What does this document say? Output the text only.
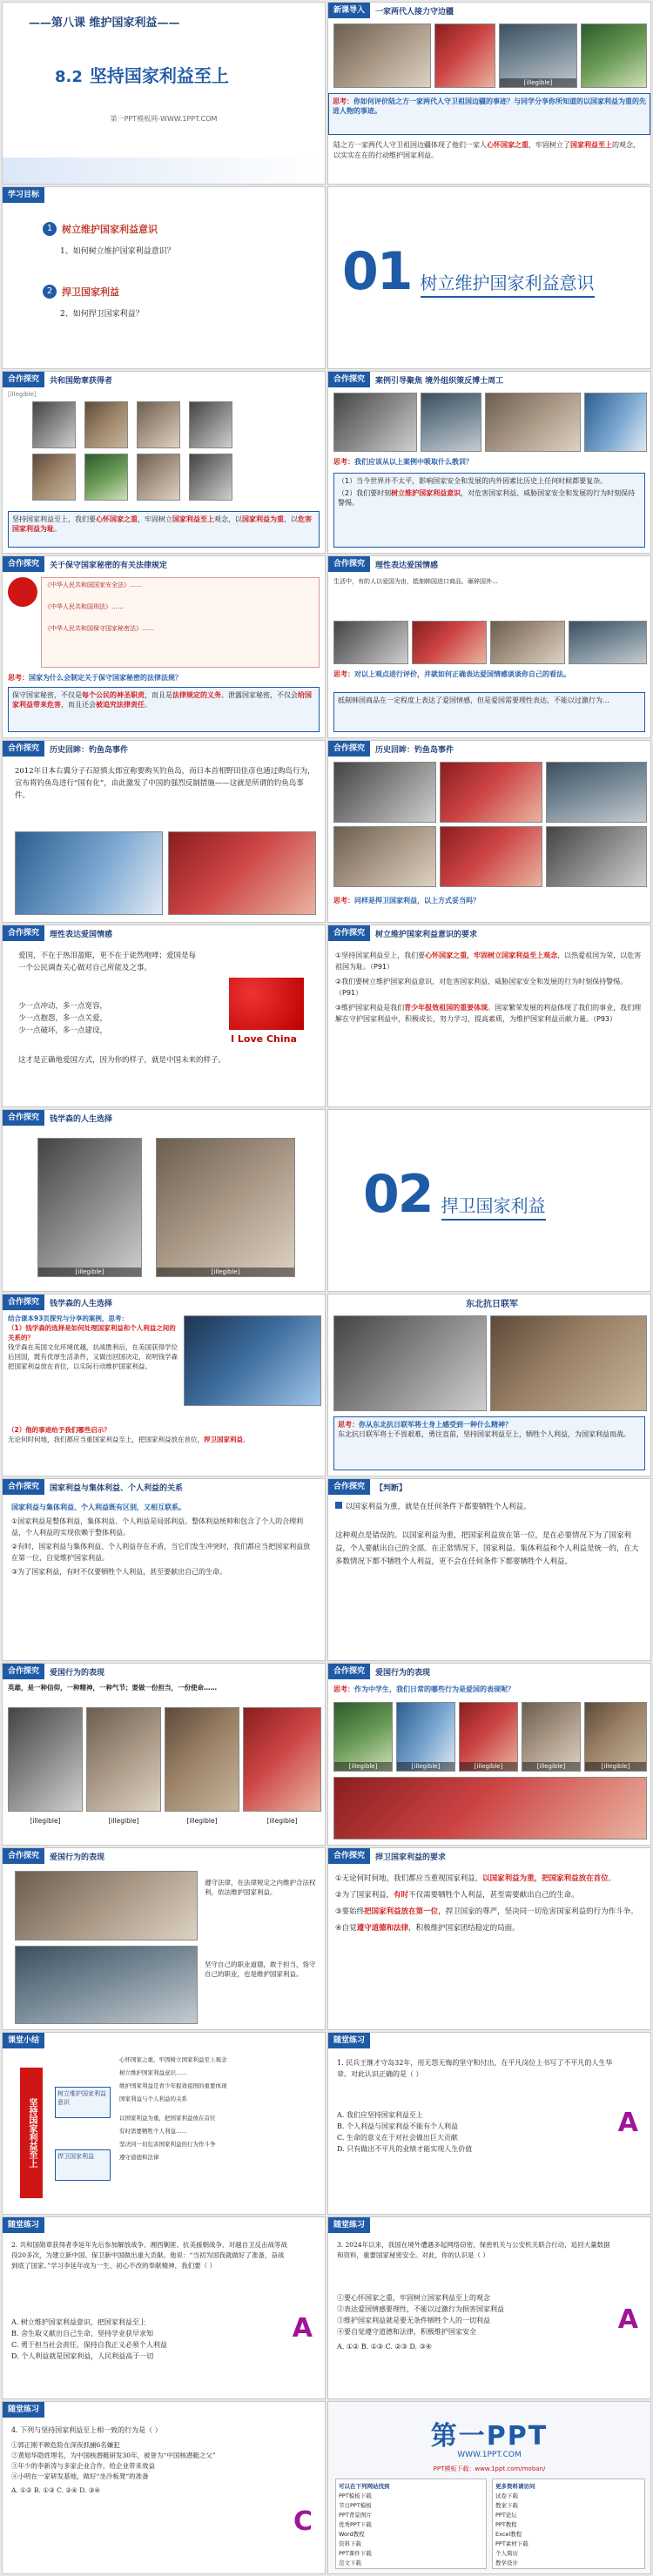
——第八课 维护国家利益——
8.2 坚持国家利益至上
第一PPT模板网-WWW.1PPT.COM
新课导入	一家两代人接力守边疆
[illegible]
思考：你如何评价陆之方一家两代人守卫祖国边疆的事迹？与同学分享你所知道的以国家利益为重的先进人物的事迹。
陆之方一家两代人守卫祖国边疆体现了他们一家人心怀国家之重，牢固树立了国家利益至上的观念，以实实在在的行动维护国家利益。
学习目标
1 树立维护国家利益意识
1、如何树立维护国家利益意识？
2 捍卫国家利益
2、如何捍卫国家利益？
01 树立维护国家利益意识
合作探究	共和国勋章获得者
[illegible]
坚持国家利益至上，我们要心怀国家之重，牢固树立国家利益至上观念，以国家利益为重，以危害国家利益为耻。
合作探究	案例引导聚焦 境外组织策反博士周工
思考：我们应该从以上案例中吸取什么教训？
（1）当今世界并不太平，影响国家安全和发展的内外因素比历史上任何时候都要复杂。
（2）我们要时刻树立维护国家利益意识，对危害国家利益、威胁国家安全和发展的行为时刻保持警惕。
合作探究	关于保守国家秘密的有关法律规定
《中华人民共和国国家安全法》……
《中华人民共和国刑法》……
《中华人民共和国保守国家秘密法》……
思考：国家为什么会制定关于保守国家秘密的法律法规？
保守国家秘密，不仅是每个公民的神圣职责，而且是法律规定的义务。泄露国家秘密，不仅会给国家利益带来危害，而且还会被追究法律责任。
合作探究	理性表达爱国情感
生活中，有的人以爱国为由，抵制韩国进口商品、砸碎国外…
思考：对以上观点进行评价，并就如何正确表达爱国情感谈谈你自己的看法。
抵制韩国商品在一定程度上表达了爱国情感，但是爱国需要理性表达，不能以过激行为…
合作探究	历史回眸：钓鱼岛事件
2012年日本右翼分子石原慎太郎宣称要购买钓鱼岛，而日本首相野田佳彦也通过购岛行为，宣布将钓鱼岛进行“国有化”，由此激发了中国的强烈反制措施——这就是所谓的钓鱼岛事件。
合作探究	历史回眸：钓鱼岛事件
思考：同样是捍卫国家利益，以上方式妥当吗？
合作探究	理性表达爱国情感
爱国，不在于热泪盈眶，更不在于徒然咆哮；爱国是每一个公民调查关心做对自己所能及之事。
少一点冲动，多一点宽容，
少一点抱怨，多一点关爱，
少一点破坏，多一点建设，
这才是正确地爱国方式，因为你的样子，就是中国未来的样子。
I Love China
合作探究	树立维护国家利益意识的要求
①坚持国家利益至上，我们要心怀国家之重，牢固树立国家利益至上观念，以热爱祖国为荣，以危害祖国为耻。（P91）
②我们要树立维护国家利益意识，对危害国家利益、威胁国家安全和发展的行为时刻保持警惕。（P91）
③维护国家利益是我们青少年报效祖国的重要体现。国家繁荣发展的利益体现了我们的事业，我们理解在守护国家利益中，积极成长，努力学习，提高素质，为维护国家利益贡献力量。（P93）
合作探究	钱学森的人生选择
[illegible]	[illegible]
02 捍卫国家利益
合作探究	钱学森的人生选择
结合课本93页探究与分享的案例，思考：
（1）钱学森的选择是如何处理国家利益和个人利益之间的关系的？
钱学森在美国文化环境优越，抗战胜利后，在美国获得学位后回国，既有优厚生活条件，又做出回国决定，说明钱学森把国家利益放在首位，以实际行动维护国家利益。
（2）他的事迹给予我们哪些启示？
无论何时何地，我们都应当重国家利益至上，把国家利益放在首位，捍卫国家利益。
东北抗日联军
思考：你从东北抗日联军将士身上感受到一种什么精神？
东北抗日联军将士不畏艰难，勇往直前，坚持国家利益至上，牺牲个人利益，为国家利益而战。
合作探究	国家利益与集体利益、个人利益的关系
国家利益与集体利益、个人利益既有区别，又相互联系。
①国家利益是整体利益，集体利益、个人利益是局部利益。整体利益统帅和包含了个人的合理利益，个人利益的实现依赖于整体利益。
②有时，国家利益与集体利益、个人利益存在矛盾，当它们发生冲突时，我们都应当把国家利益放在第一位，自觉维护国家利益。
③为了国家利益，有时不仅要牺牲个人利益，甚至要献出自己的生命。
合作探究	【判断】
以国家利益为重，就是在任何条件下都要牺牲个人利益。
这种观点是错误的。以国家利益为重，把国家利益放在第一位，是在必要情况下为了国家利益，个人要献出自己的全部。在正常情况下，国家利益、集体利益和个人利益是统一的，在大多数情况下都不牺牲个人利益，更不会在任何条件下都要牺牲个人利益。
合作探究	爱国行为的表现
英雄，是一种信仰，一种精神，一种气节；要做一份担当，一份使命……
[illegible]	[illegible]	[illegible]	[illegible]
合作探究	爱国行为的表现
思考：作为中学生，我们日常的哪些行为是爱国的表现呢？
[illegible]	[illegible]	[illegible]	[illegible]	[illegible]
合作探究	爱国行为的表现
遵守法律，在法律规定之内维护合法权利，依法维护国家利益。
坚守自己的职业道德，敢于担当，恪守自己的职业，也是维护国家利益。
合作探究	捍卫国家利益的要求
①无论何时何地，我们都应当重视国家利益，以国家利益为重，把国家利益放在首位。
②为了国家利益，有时不仅需要牺牲个人利益，甚至需要献出自己的生命。
③要始终把国家利益放在第一位，捍卫国家的尊严，坚决同一切危害国家利益的行为作斗争。
④自觉遵守道德和法律，积极维护国家团结稳定的局面。
课堂小结
坚持国家利益至上
树立维护国家利益意识
捍卫国家利益
心怀国家之重，牢固树立国家利益至上观念
树立维护国家利益意识……
维护国家利益是青少年报效祖国的重要体现
国家利益与个人利益的关系
以国家利益为重，把国家利益放在首位
有时需要牺牲个人利益……
坚决同一切危害国家利益的行为作斗争
遵守道德和法律
随堂练习
1. 民兵王继才守岛32年，用无怨无悔的坚守和付出，在平凡岗位上书写了不平凡的人生华章。对此认识正确的是（ ）
A. 我们应坚持国家利益至上
B. 个人利益与国家利益不能有个人利益
C. 生命的意义在于对社会做出巨大贡献
D. 只有做出不平凡的业绩才能实现人生价值
A
随堂练习
2. 共和国勋章获得者李延年先后参加解放战争、湘西剿匪、抗美援朝战争、对越自卫反击战等战役20多次，为建立新中国、保卫新中国做出重大贡献。他说：“当初为国我就做好了准备，奋战到底了国家。”学习李延年成为一生、初心不改的奉献精神，我们要（ ）
A. 树立维护国家利益意识，把国家利益至上
B. 舍生取义献出自己生命，坚持学业获早求知
C. 勇于担当社会责任，保持自我正义必须个人利益
D. 个人利益就是国家利益，人民利益高于一切
A
随堂练习
3. 2024年以来，我国在境外遭遇多起网络窃密，保密机关与公安机关联合行动，追回大量数据和资料，重要国家秘密安全。对此，你的认识是（ ）
①要心怀国家之重，牢固树立国家利益至上的观念
②表达爱国情感要理性，不能以过激行为损害国家利益
③维护国家利益就是要无条件牺牲个人的一切利益
④要自觉遵守道德和法律，积极维护国家安全
A. ①② B. ①③ C. ②③ D. ③④
A
随堂练习
4. 下列与坚持国家利益至上相一致的行为是（ ）
①郭正刚不顾危险在深夜抓捕6名嫌犯
②黄旭华隐姓埋名，为中国核潜艇研发30年，被誉为“中国核潜艇之父”
③年少的李新涛与多家企业合作，给企业带来效益
④小明在一家研发基地，做好“坐冷板凳”的准备
A. ①② B. ①③ C. ②④ D. ③④
C
第一PPT
WWW.1PPT.COM
PPT模板下载：www.1ppt.com/moban/
可以在下列网站找到
PPT模板下载
节日PPT模板
PPT背景图片
优秀PPT下载
Word教程
资料下载
PPT课件下载
范文下载
更多资料请访问
试卷下载
教案下载
PPT论坛
PPT教程
Excel教程
PPT素材下载
个人简历
教学设计
